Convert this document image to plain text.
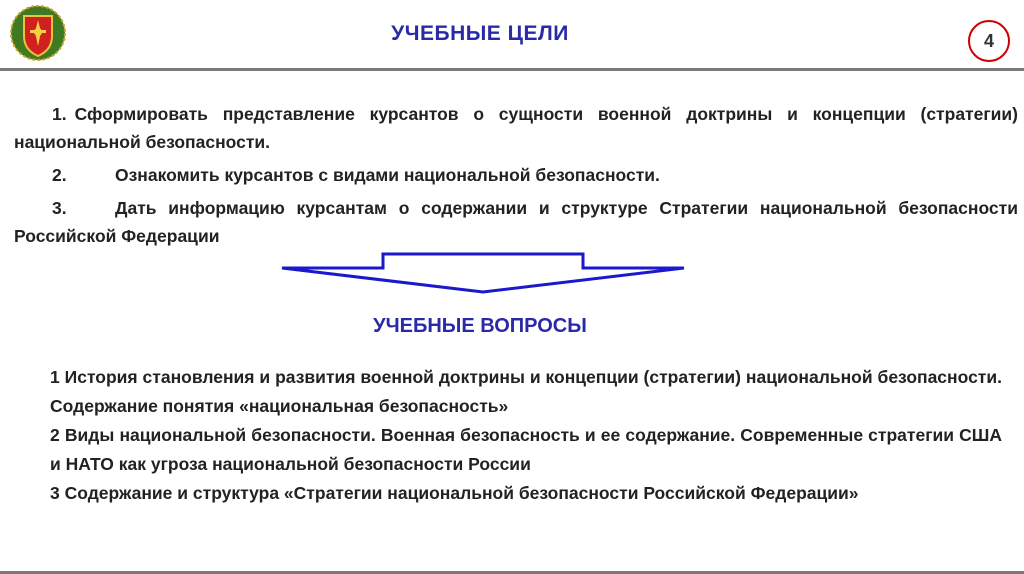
УЧЕБНЫЕ ЦЕЛИ	4
1. Сформировать представление курсантов о сущности военной доктрины и концепции (стратегии) национальной безопасности.
2.	Ознакомить курсантов с видами национальной безопасности.
3.	Дать информацию курсантам о содержании и структуре Стратегии национальной безопасности Российской Федерации
УЧЕБНЫЕ ВОПРОСЫ
1 История становления и развития военной доктрины и концепции (стратегии) национальной безопасности. Содержание понятия «национальная безопасность»
2 Виды национальной безопасности. Военная безопасность и ее содержание. Современные стратегии США и НАТО как угроза национальной безопасности России
3 Содержание и структура «Стратегии национальной безопасности Российской Федерации»
